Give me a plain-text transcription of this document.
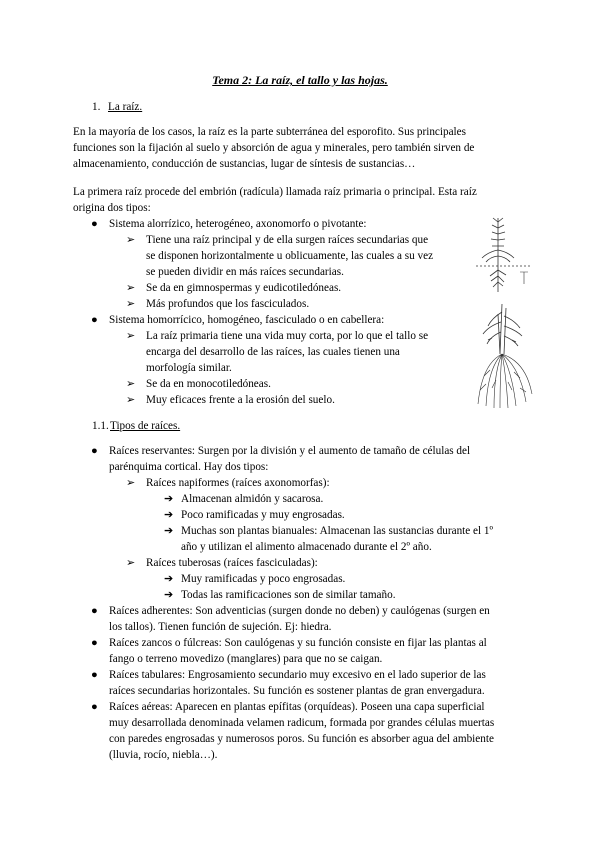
Tema 2: La raíz, el tallo y las hojas.
1. La raíz.
En la mayoría de los casos, la raíz es la parte subterránea del esporofito. Sus principales
funciones son la fijación al suelo y absorción de agua y minerales, pero también sirven de
almacenamiento, conducción de sustancias, lugar de síntesis de sustancias…
La primera raíz procede del embrión (radícula) llamada raíz primaria o principal. Esta raíz
origina dos tipos:
● Sistema alorrízico, heterogéneo, axonomorfo o pivotante:
➢ Tiene una raíz principal y de ella surgen raíces secundarias que
se disponen horizontalmente u oblicuamente, las cuales a su vez
se pueden dividir en más raíces secundarias.
➢ Se da en gimnospermas y eudicotiledóneas.
➢ Más profundos que los fasciculados.
● Sistema homorrícico, homogéneo, fasciculado o en cabellera:
➢ La raíz primaria tiene una vida muy corta, por lo que el tallo se
encarga del desarrollo de las raíces, las cuales tienen una
morfología similar.
➢ Se da en monocotiledóneas.
➢ Muy eficaces frente a la erosión del suelo.
1.1. Tipos de raíces.
● Raíces reservantes: Surgen por la división y el aumento de tamaño de células del
parénquima cortical. Hay dos tipos:
➢ Raíces napiformes (raíces axonomorfas):
➔ Almacenan almidón y sacarosa.
➔ Poco ramificadas y muy engrosadas.
➔ Muchas son plantas bianuales: Almacenan las sustancias durante el 1º
año y utilizan el alimento almacenado durante el 2º año.
➢ Raíces tuberosas (raíces fasciculadas):
➔ Muy ramificadas y poco engrosadas.
➔ Todas las ramificaciones son de similar tamaño.
● Raíces adherentes: Son adventicias (surgen donde no deben) y caulógenas (surgen en
los tallos). Tienen función de sujeción. Ej: hiedra.
● Raíces zancos o fúlcreas: Son caulógenas y su función consiste en fijar las plantas al
fango o terreno movedizo (manglares) para que no se caigan.
● Raíces tabulares: Engrosamiento secundario muy excesivo en el lado superior de las
raíces secundarias horizontales. Su función es sostener plantas de gran envergadura.
● Raíces aéreas: Aparecen en plantas epífitas (orquídeas). Poseen una capa superficial
muy desarrollada denominada velamen radicum, formada por grandes células muertas
con paredes engrosadas y numerosos poros. Su función es absorber agua del ambiente
(lluvia, rocío, niebla…).
